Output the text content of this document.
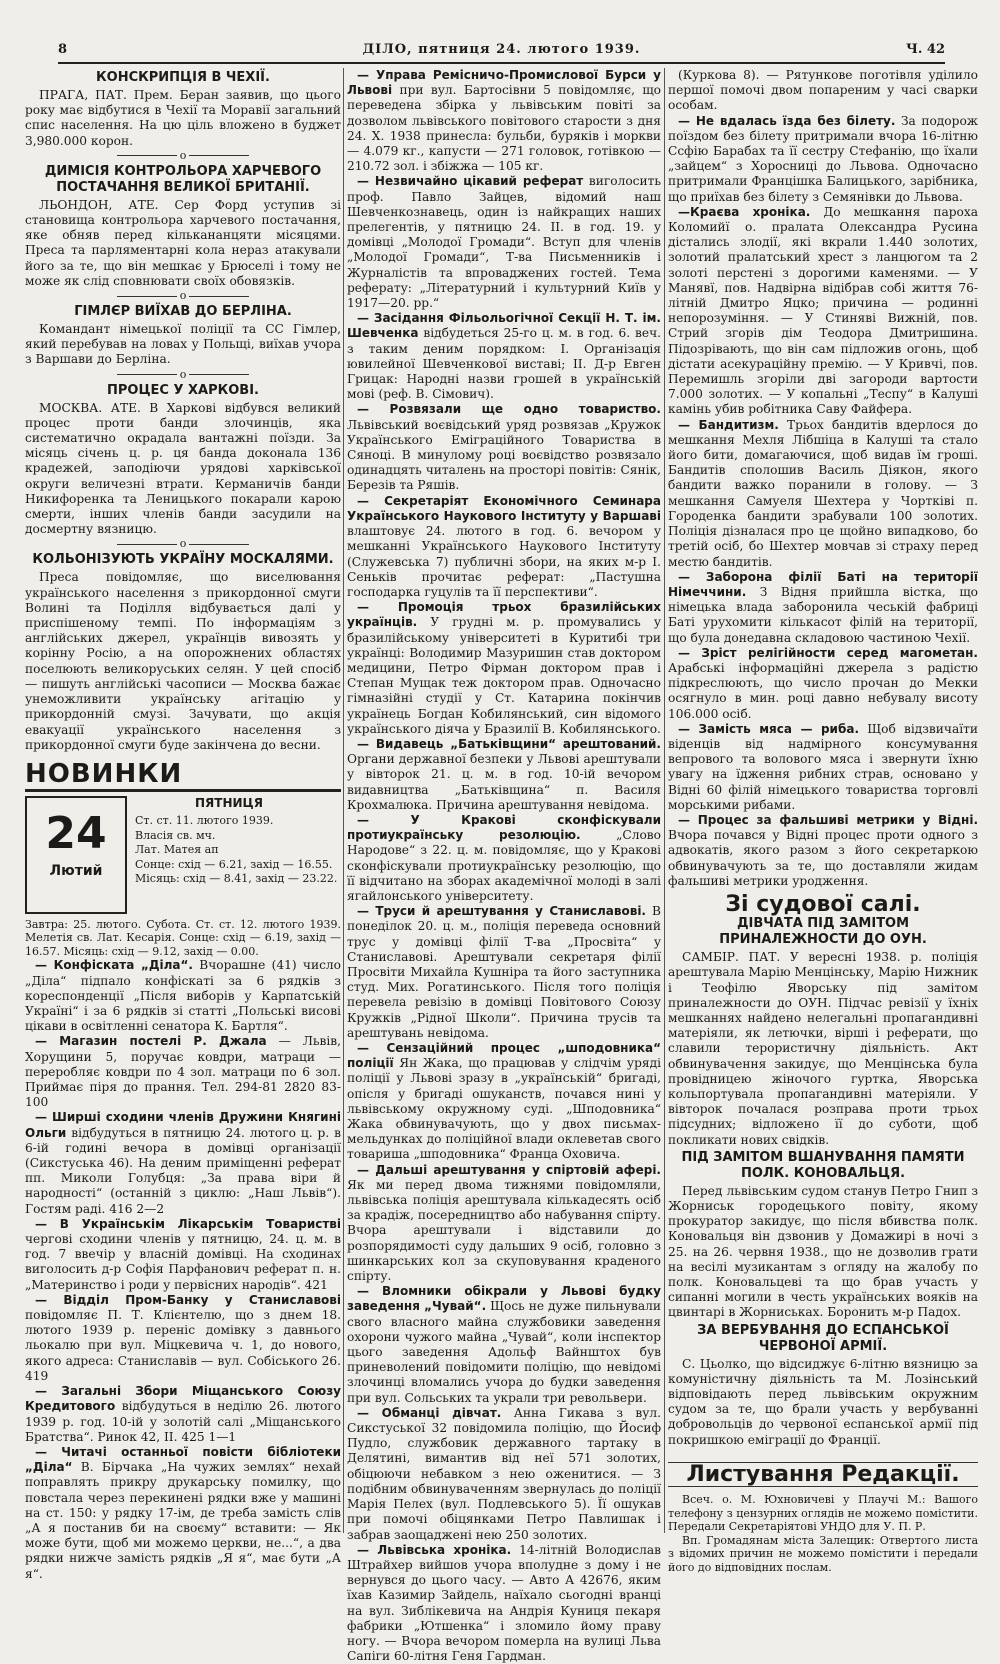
8	ДІЛО, пятниця 24. лютого 1939.	Ч. 42
КОНСКРИПЦІЯ В ЧЕХІЇ.

ПРАГА, ПАТ. Прем. Беран заявив, що цього року має відбутися в Чехії та Моравії загальний спис населення. На цю ціль вложено в буджет 3,980.000 корон.

о
ДИМІСІЯ КОНТРОЛЬОРА ХАРЧЕВОГО ПОСТАЧАННЯ ВЕЛИКОЇ БРИТАНІЇ.

ЛЬОНДОН, АТЕ. Сер Форд уступив зі становища контрольора харчевого постачання, яке обняв перед кількананцяти місяцями. Преса та парляментарні кола нераз атакували його за те, що він мешкає у Брюселі і тому не може як слід сповнювати своїх обовязків.

о
ГІМЛЄР ВИЇХАВ ДО БЕРЛІНА.

Командант німецької поліції та СС Гімлер, який перебував на ловах у Польщі, виїхав учора з Варшави до Берліна.

о
ПРОЦЕС У ХАРКОВІ.

МОСКВА. АТЕ. В Харкові відбувся великий процес проти банди злочинців, яка систематично окрадала вантажні поїзди. За місяць січень ц. р. ця банда доконала 136 крадежей, заподіючи урядові харківської округи величезні втрати. Керманичів банди Никифоренка та Леницького покарали карою смерти, інших членів банди засудили на досмертну вязницю.

о
КОЛЬОНІЗУЮТЬ УКРАЇНУ МОСКАЛЯМИ.

Преса повідомляє, що виселювання українського населення з прикордонної смуги Волині та Поділля відбувається далі у приспішеному темпі. По інформаціям з англійських джерел, українців вивозять у корінну Росію, а на опорожнених областях поселюють великоруських селян. У цей спосіб — пишуть англійські часописи — Москва бажає унеможливити українську агітацію у прикордонній смузі. Зачувати, що акція евакуації українського населення з прикордонної смуги буде закінчена до весни.

НОВИНКИ
24
Лютий
ПЯТНИЦЯ
Ст. ст. 11. лютого 1939.
Власія св. мч.
Лат. Матея ап
Сонце: схід — 6.21, захід — 16.55.
Місяць: схід — 8.41, захід — 23.22.
Завтра: 25. лютого. Субота. Ст. ст. 12. лютого 1939. Мелетія св. Лат. Кесарія. Сонце: схід — 6.19, захід — 16.57. Місяць: схід — 9.12, захід — 0.00.

— Конфіската „Діла“. Вчорашне (41) число „Діла“ підпало конфіскаті за 6 рядків з кореспонденції „Після виборів у Карпатській Україні“ і за 6 рядків зі статті „Польські висові цікави в освітленні сенатора К. Бартля“.

— Магазин постелі Р. Джала — Львів, Хорущини 5, поручає ковдри, матраци — переробляє ковдри по 4 зол. матраци по 6 зол. Приймає піря до прання. Тел. 294-81 2820 83-100

— Ширші сходини членів Дружини Княгині Ольги відбудуться в пятницю 24. лютого ц. р. в 6-ій годині вечора в домівці організації (Сикстуська 46). На деним приміщенні реферат пп. Миколи Голубця: „За права віри й народності“ (останній з циклю: „Наш Львів“). Гостям раді. 416 2—2

— В Українськім Лікарськім Товаристві чергові сходини членів у пятницю, 24. ц. м. в год. 7 ввечір у власній домівці. На сходинах виголосить д-р Софія Парфанович реферат п. н. „Материнство і роди у первісних народів“. 421

— Відділ Пром-Банку у Станиславові повідомляє П. Т. Клієнтелю, що з днем 18. лютого 1939 р. переніс домівку з давнього льокалю при вул. Міцкевича ч. 1, до нового, якого адреса: Станиславів — вул. Собіського 26. 419

— Загальні Збори Міщанського Союзу Кредитового відбудуться в неділю 26. лютого 1939 р. год. 10-ій у золотій салі „Міщанського Братства“. Ринок 42, II. 425 1—1

— Читачі останньої повісти бібліотеки „Діла“ В. Бірчака „На чужих землях“ нехай поправлять прикру друкарську помилку, що повстала через перекинені рядки вже у машині на ст. 150: у рядку 17-ім, де треба замість слів „А я постанив би на своєму“ вставити: — Як може бути, щоб ми можемо церкви, не...“, а два рядки нижче замість рядків „Я я“, має бути „А я“.

— Управа Ремісничо-Промислової Бурси у Львові при вул. Бартосівни 5 повідомляє, що переведена збірка у львівським повіті за дозволом львівського повітового старости з дня 24. X. 1938 принесла: бульби, буряків і моркви — 4.079 кг., капусти — 271 головок, готівкою — 210.72 зол. і збіжжа — 105 кг.

— Незвичайно цікавий реферат виголосить проф. Павло Зайцев, відомий наш Шевченкознавець, один із найкращих наших прелегентів, у пятницю 24. II. в год. 19. у домівці „Молодої Громади“. Вступ для членів „Молодої Громади“, Т-ва Письменників і Журналістів та впроваджених гостей. Тема реферату: „Літературний і культурний Київ у 1917—20. рр.“

— Засідання Фільольогічної Секції Н. Т. ім. Шевченка відбудеться 25-го ц. м. в год. 6. веч. з таким деним порядком: І. Організація ювилейної Шевченкової виставі; II. Д-р Евген Грицак: Народні назви грошей в українській мові (реф. В. Сімович).

— Розвязали ще одно товариство. Львівський воєвідський уряд розвязав „Кружок Українського Еміграційного Товариства в Сяноці. В минулому році воєвідство розвязало одинадцять читалень на просторі повітів: Сянік, Березів та Ряшів.

— Секретаріят Економічного Семинара Українського Наукового Інституту у Варшаві влаштовує 24. лютого в год. 6. вечором у мешканні Українського Наукового Інституту (Служевська 7) публичні збори, на яких м-р І. Сеньків прочитає реферат: „Пастушна господарка гуцулів та її перспективи“.

— Промоція трьох бразилійських українців. У грудні м. р. промувались у бразилійському університеті в Куритибі три українці: Володимир Мазуришин став доктором медицини, Петро Фірман доктором прав і Степан Мущак теж доктором прав. Одночасно гімназійні студії у Ст. Катарина покінчив українець Богдан Кобилянський, син відомого українського діяча у Бразилії В. Кобилянського.

— Видавець „Батьківщини“ арештований. Органи державної безпеки у Львові арештували у вівторок 21. ц. м. в год. 10-ій вечором видавництва „Батьківщина“ п. Василя Крохмалюка. Причина арештування невідома.

— У Кракові сконфіскували протиукраїнську резолюцію.	„Слово Народове“ з 22. ц. м. повідомляє, що у Кракові сконфіскували протиукраїнську резолюцію, що її відчитано на зборах академічної молоді в залі ягайлонського університету.

— Труси й арештування у Станиславові. В понеділок 20. ц. м., поліція переведа основний трус у домівці філії Т-ва „Просвіта“ у Станиславові. Арештували секретаря філії Просвіти Михайла Кушніра та його заступника студ. Мих. Рогатинського. Після того поліція перевела ревізію в домівці Повітового Союзу Кружків „Рідної Школи“. Причина трусів та арештувань невідома.

— Сензаційний процес „шподовника“ поліції Ян Жака, що працював у слідчім уряді поліції у Львові зразу в „українській“ бригаді, опісля у бригаді ошуканств, почався нині у львівському окружному суді. „Шподовника“ Жака обвинувачують, що у двох письмах-мельдунках до поліційної влади оклеветав свого товариша „шподовника“ Франца Оховича.

— Дальші арештування у спіртовій афері. Як ми перед двома тижнями повідомляли, львівська поліція арештувала кількадесять осіб за крадіж, посередництво або набування спірту. Вчора арештували і відставили до розпорядимості суду дальших 9 осіб, головно з шинкарських кол за скуповування краденого спірту.

— Вломники обікрали у Львові будку заведення „Чувай“. Щось не дуже пильнували свого власного майна службовики заведення охорони чужого майна „Чувай“, коли інспектор цього заведення Адольф Вайнштох був приневолений повідомити поліцію, що невідомі злочинці вломались учора до будки заведення при вул. Сольських та украли три револьвери.

— Обманці дівчат. Анна Гикава з вул. Сикстуської 32 повідомила поліцію, що Йосиф Пудло, службовик державного тартаку в Делятині, вимантив від неї 571 золотих, обіцюючи небавком з нею оженитися. — З подібним обвинуваченням звернулась до поліції Марія Пелех (вул. Подлевського 5). Її ошукав при помочі обіцянками Петро Павлишак і забрав заощаджені нею 250 золотих.

— Львівська хроніка. 14-літній Володислав Штрайхер вийшов учора вполудне з дому і не вернувся до цього часу. — Авто А 42676, яким їхав Казимир Зайдель, наїхало сьогодні вранці на вул. Зиблікевича на Андрія Куниця пекаря фабрики „Ютшенка“ і зломило йому праву ногу. — Вчора вечором померла на вулиці Льва Сапіги 60-літня Геня Гардман.

(Куркова 8). — Рятункове поготівля уділило першої помочі двом попареним у часі сварки особам.

— Не вдалась їзда без білету. За подорож поїздом без білету притримали вчора 16-літню Ссфію Барабах та її сестру Стефанію, що їхали „зайцем“ з Хоросниці до Львова. Одночасно притримали Францішка Балицького, зарібника, що приїхав без білету з Семянівки до Львова.

—Краєва хроніка. До мешкання пароха Коломийї о. пралата Олександра Русина дістались злодії, які вкрали 1.440 золотих, золотий пралатський хрест з ланцюгом та 2 золоті перстені з дорогими каменями. — У Манявї, пов. Надвірна відібрав собі життя 76-літній Дмитро Яцко; причина — родинні непорозуміння. — У Стиняві Вижній, пов. Стрий згорів дім Теодора Дмитришина. Підозрівають, що він сам підложив огонь, щоб дістати асекураційну премію. — У Кривчі, пов. Перемишль згоріли дві загороди вартости 7.000 золотих. — У копальні „Теспу“ в Калуші камінь убив робітника Саву Файфера.

— Бандитизм. Трьох бандитів вдерлося до мешкання Мехля Лібшіца в Калуші та стало його бити, домагаючися, щоб видав їм гроші. Бандитів сполошив Василь Діякон, якого бандити важко поранили в голову. — З мешкання Самуеля Шехтера у Чортківі п. Городенка бандити зрабували 100 золотих. Поліція дізналася про це щойно випадково, бо третій осіб, бо Шехтер мовчав зі страху перед местю бандитів.

— Заборона філії Баті на території Німеччини. З Відня прийшла вістка, що німецька влада заборонила чеській фабриці Баті урухомити кількасот філій на території, що була донедавна складовою частиною Чехії.

— Зріст релігійности серед магометан. Арабські інформаційні джерела з радістю підкреслюють, що число прочан до Мекки осягнуло в мин. році давно небувалу висоту 106.000 осіб.

— Замість мяса — риба. Щоб відзвичаїти віденців від надмірного консумування вепрового та волового мяса і звернути їхню увагу на їдження рибних страв, основано у Відні 60 філій німецького товариства торговлі морськими рибами.

— Процес за фальшиві метрики у Відні. Вчора почався у Відні процес проти одного з адвокатів, якого разом з його секретаркою обвинувачують за те, що доставляли жидам фальшиві метрики уродження.

Зі судової салі.
ДІВЧАТА ПІД ЗАМІТОМ ПРИНАЛЕЖНОСТИ ДО ОУН.

САМБІР. ПАТ. У вересні 1938. р. поліція арештувала Марію Менцінську, Марію Нижник і Теофілю Яворську під замітом приналежности до ОУН. Підчас ревізії у їхніх мешканнях найдено нелегальні пропагандивні матеріяли, як летючки, вірші і реферати, що славили терористичну діяльність. Акт обвинувачення закидує, що Менцінська була провідницею жіночого гуртка, Яворська кольпортувала пропагандивні матеріяли. У вівторок почалася розправа проти трьох підсудних; відложено її до суботи, щоб покликати нових свідків.

ПІД ЗАМІТОМ ВШАНУВАННЯ ПАМЯТИ ПОЛК. КОНОВАЛЬЦЯ.

Перед львівським судом станув Петро Гнип з Жорниськ городецького повіту, якому прокуратор закидує, що після вбивства полк. Коновальця він дзвонив у Домажирі в ночі з 25. на 26. червня 1938., що не дозволив грати на весілі музикантам з огляду на жалобу по полк. Коновальцеві та що брав участь у сипанні могили в честь українських вояків на цвинтарі в Жорниськах. Боронить м-р Падох.

ЗА ВЕРБУВАННЯ ДО ЕСПАНСЬКОЇ ЧЕРВОНОЇ АРМІЇ.

С. Цьолко, що відсиджує 6-літню вязницю за комуністичну діяльність та М. Лозінський відповідають перед львівським окружним судом за те, що брали участь у вербуванні добровольців до червоної еспанської армії під покришкою еміграції до Франції.

Листування Редакції.

Всеч. о. М. Юхновичеві у Плаучі М.: Вашого телефону з цензурних оглядів не можемо помістити. Передали Секретаріятові УНДО для У. П. Р.

Вп. Громадянам міста Залещик: Отвертого листа з відомих причин не можемо помістити і передали його до відповідних послам.
